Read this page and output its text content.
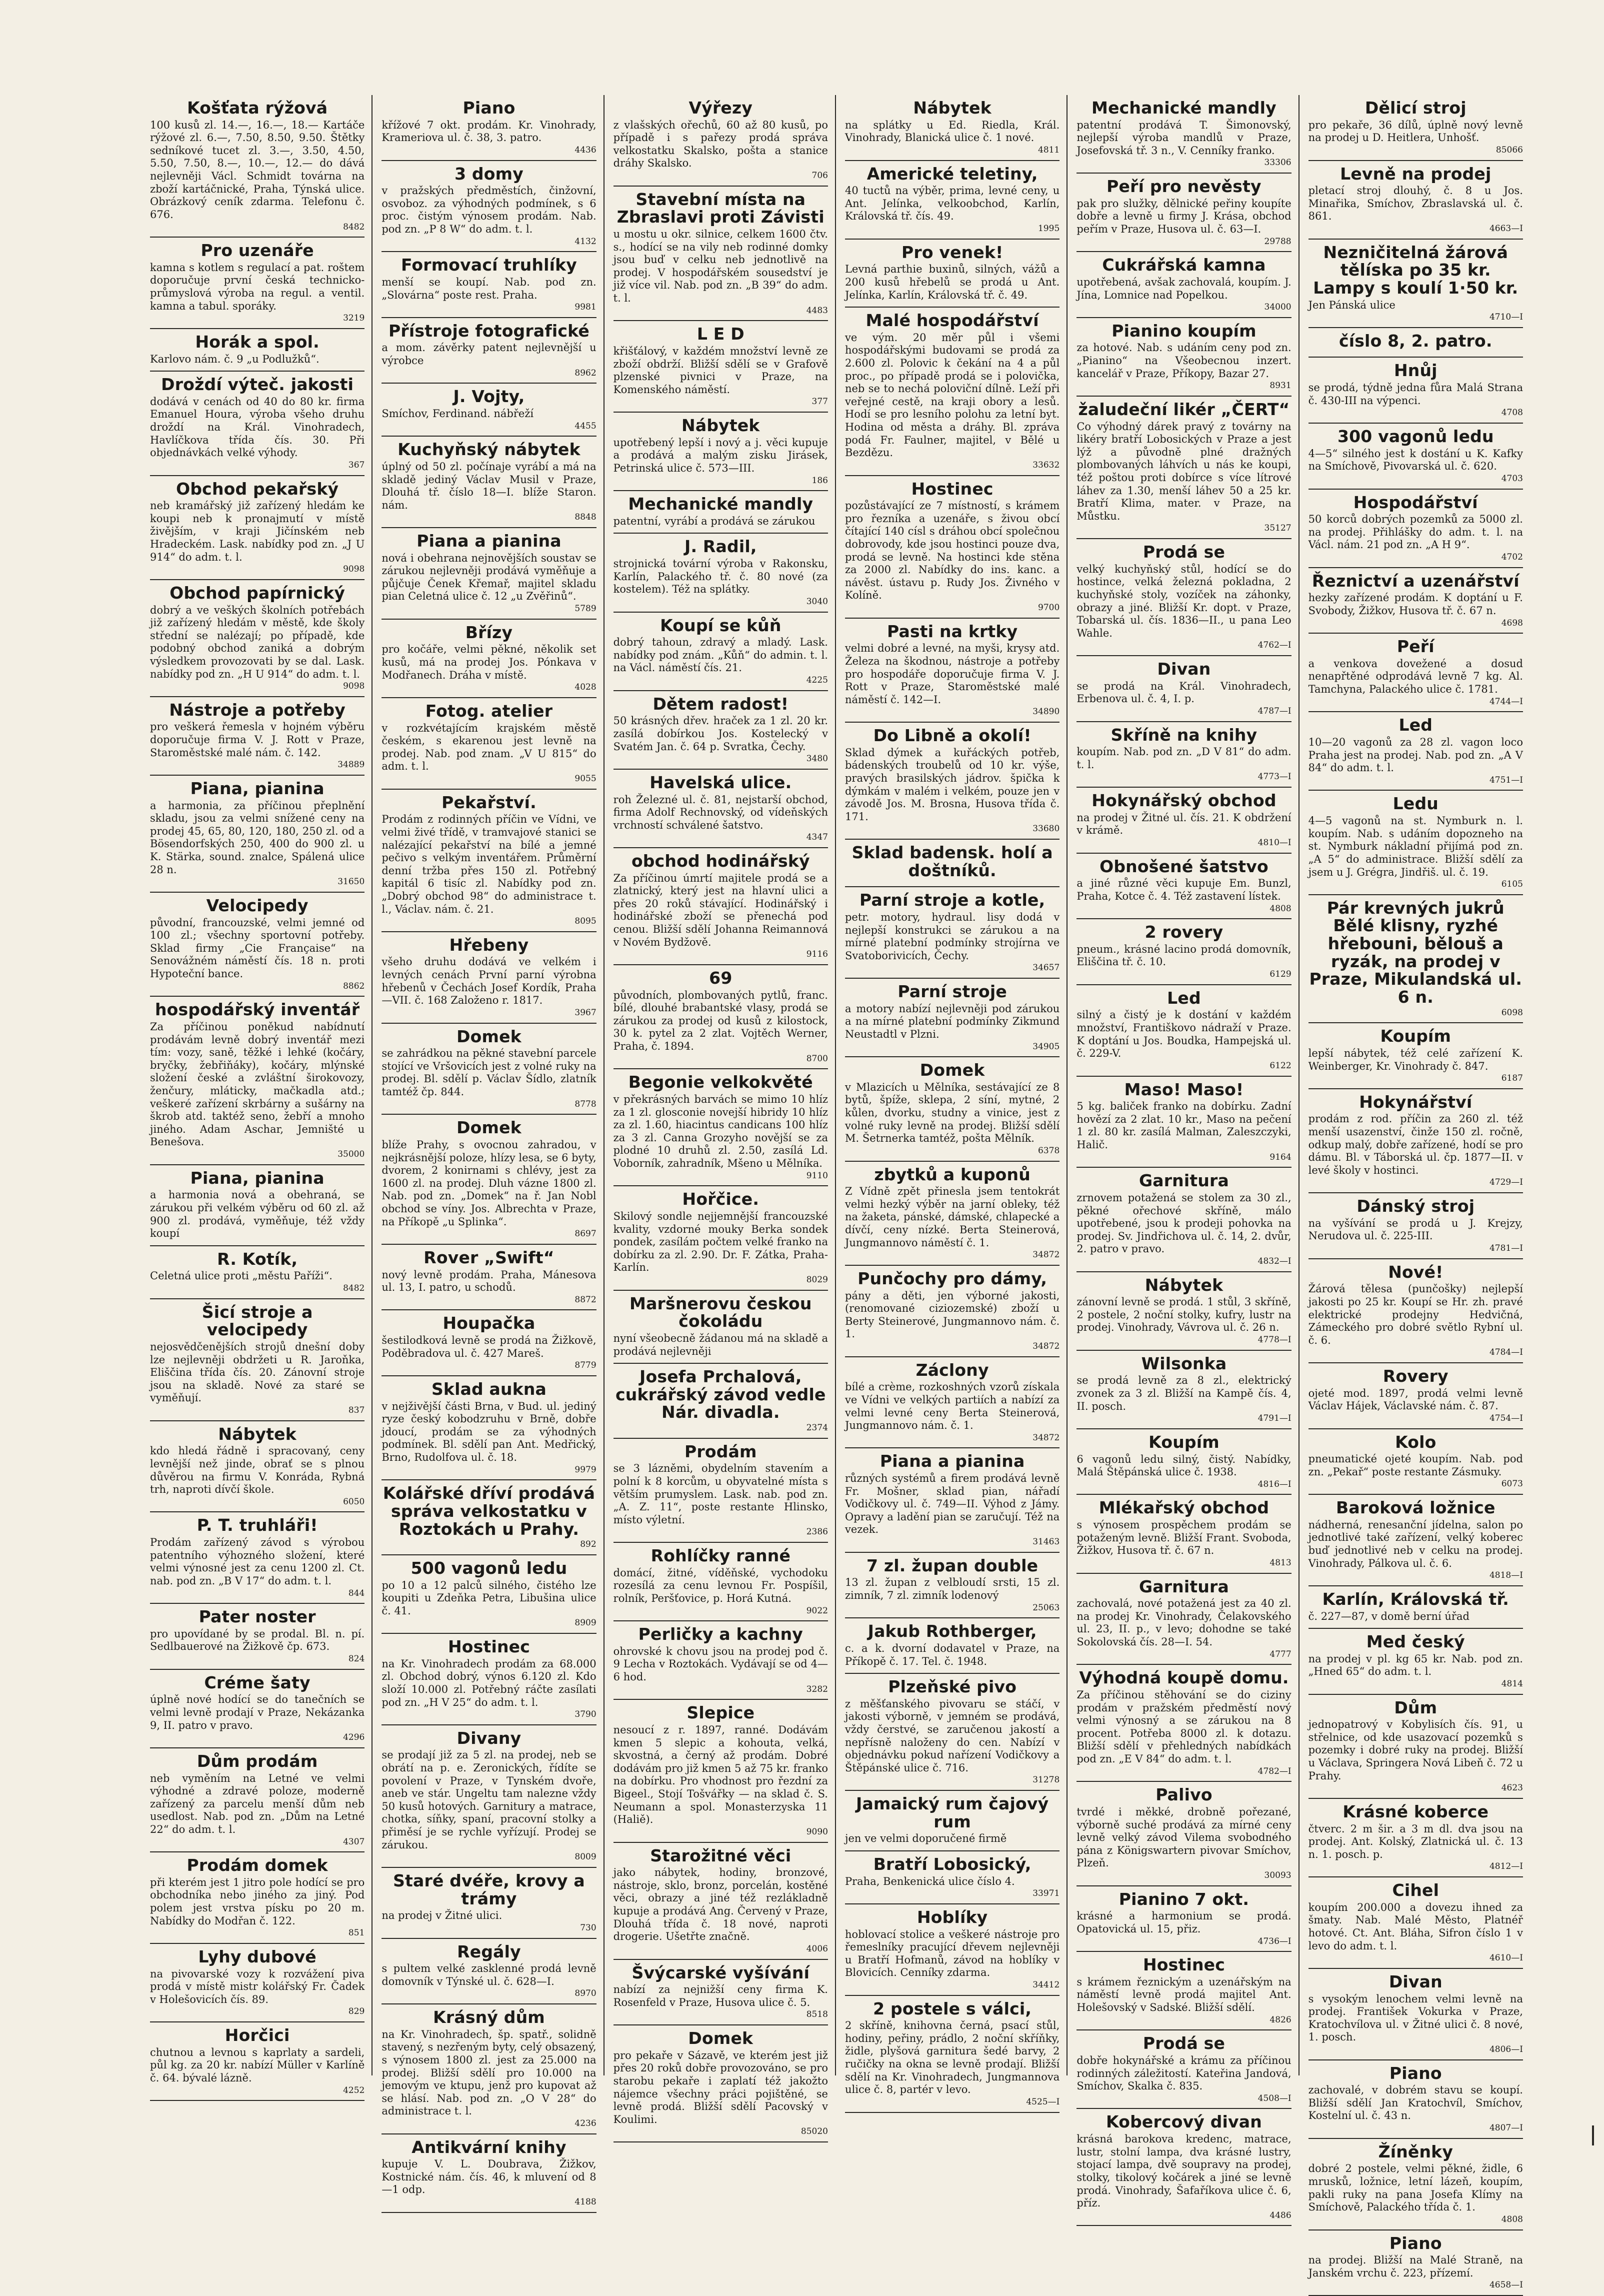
Košťata rýžová

100 kusů zl. 14.—, 16.—, 18.— Kartáče rýžové zl. 6.—, 7.50, 8.50, 9.50. Štětky sedníkové tucet zl. 3.—, 3.50, 4.50, 5.50, 7.50, 8.—, 10.—, 12.— do dává nejlevněji Václ. Schmidt továrna na zboží kartáčnické, Praha, Týnská ulice. Obrázkový ceník zdarma. Telefonu č. 676.

8482
Pro uzenáře

kamna s kotlem s regulací a pat. roštem doporučuje první česká technicko-průmyslová výroba na regul. a ventil. kamna a tabul. sporáky.

3219
Horák a spol.

Karlovo nám. č. 9 „u Podlužků“.

Droždí výteč. jakosti

dodává v cenách od 40 do 80 kr. firma Emanuel Houra, výroba všeho druhu droždí na Král. Vinohradech, Havlíčkova třída čís. 30. Při objednávkách velké výhody.

367
Obchod pekařský

neb kramářský již zařízený hledám ke koupi neb k pronajmutí v místě živějším, v kraji Jičínském neb Hradeckém. Lask. nabídky pod zn. „J U 914“ do adm. t. l.

9098
Obchod papírnický

dobrý a ve veškých školních potřebách již zařízený hledám v městě, kde školy střední se nalézají; po případě, kde podobný obchod zaniká a dobrým výsledkem provozovati by se dal. Lask. nabídky pod zn. „H U 914“ do adm. t. l.

9098
Nástroje a potřeby

pro veškerá řemesla v hojném výběru doporučuje firma V. J. Rott v Praze, Staroměstské malé nám. č. 142.

34889
Piana, pianina

a harmonia, za příčinou přeplnění skladu, jsou za velmi snížené ceny na prodej 45, 65, 80, 120, 180, 250 zl. od a Bösendorfských 250, 400 do 900 zl. u K. Stärka, sound. znalce, Spálená ulice 28 n.

31650
Velocipedy

původní, francouzské, velmi jemné od 100 zl.; všechny sportovní potřeby. Sklad firmy „Cie Française“ na Senovážném náměstí čís. 18 n. proti Hypoteční bance.

8862
hospodářský inventář

Za příčinou poněkud nabídnutí prodávám levně dobrý inventář mezi tím: vozy, saně, těžké i lehké (kočáry, bryčky, žebřiňáky), kočáry, mlýnské složení české a zvláštní širokovozy, ženčury, mláticky, mačkadla atd.; veškeré zařízení skrbárny a sušárny na škrob atd. taktéž seno, žebří a mnoho jiného. Adam Aschar, Jemništé u Benešova.

35000
Piana, pianina

a harmonia nová a obehraná, se zárukou při velkém výběru od 60 zl. až 900 zl. prodává, vyměňuje, též vždy koupí

R. Kotík,

Celetná ulice proti „městu Paříži“.

8482
Šicí stroje a velocipedy

nejosvědčenějších strojů dnešní doby lze nejlevněji obdržeti u R. Jaroňka, Eliščina třída čís. 20. Zánovní stroje jsou na skladě. Nové za staré se vyměňují.

837
Nábytek

kdo hledá řádně i spracovaný, ceny levnější než jinde, obrať se s plnou důvěrou na firmu V. Konráda, Rybná trh, naproti dívčí škole.

6050
P. T. truhláři!

Prodám zařízený závod s výrobou patentního výhozného složení, které velmi výnosné jest za cenu 1200 zl. Ct. nab. pod zn. „B V 17“ do adm. t. l.

844
Pater noster

pro upovídané by se prodal. Bl. n. pí. Sedlbauerové na Žižkově čp. 673.

824
Créme šaty

úplně nové hodící se do tanečních se velmi levně prodají v Praze, Nekázanka 9, II. patro v pravo.

4296
Dům prodám

neb vyměním na Letné ve velmi výhodné a zdravé poloze, moderně zařízený za parcelu menší dům neb usedlost. Nab. pod zn. „Dům na Letné 22“ do adm. t. l.

4307
Prodám domek

při kterém jest 1 jitro pole hodící se pro obchodníka nebo jiného za jiný. Pod polem jest vrstva písku po 20 m. Nabídky do Modřan č. 122.

851
Lyhy dubové

na pivovarské vozy k rozvážení piva prodá v místě mistr kolářský Fr. Čadek v Holešovicích čís. 89.

829
Horčici

chutnou a levnou s kaprlaty a sardeli, půl kg. za 20 kr. nabízí Müller v Karlíně č. 64. bývalé lázně.

4252
Piano

křížové 7 okt. prodám. Kr. Vinohrady, Krameriova ul. č. 38, 3. patro.

4436
3 domy

v pražských předměstích, činžovní, osvoboz. za výhodných podmínek, s 6 proc. čistým výnosem prodám. Nab. pod zn. „P 8 W“ do adm. t. l.

4132
Formovací truhlíky

menší se koupí. Nab. pod zn. „Slovárna“ poste rest. Praha.

9981
Přístroje fotografické

a mom. závěrky patent nejlevnější u výrobce

8962
J. Vojty,

Smíchov, Ferdinand. nábřeží

4455
Kuchyňský nábytek

úplný od 50 zl. počínaje vyrábí a má na skladě jediný Václav Musil v Praze, Dlouhá tř. číslo 18—I. blíže Staron. nám.

8848
Piana a pianina

nová i obehrana nejnovějších soustav se zárukou nejlevněji prodává vyměňuje a půjčuje Čenek Křemař, majitel skladu pian Celetná ulice č. 12 „u Zvěřinů“.

5789
Břízy

pro kočáře, velmi pěkné, několik set kusů, má na prodej Jos. Pónkava v Modřanech. Dráha v místě.

4028
Fotog. atelier

v rozkvétajícím krajském městě českém, s ekarenou jest levně na prodej. Nab. pod znam. „V U 815“ do adm. t. l.

9055
Pekařství.

Prodám z rodinných příčin ve Vídni, ve velmi živé třídě, v tramvajové stanici se nalézající pekařství na bílé a jemné pečivo s velkým inventářem. Průměrní denní tržba přes 150 zl. Potřebný kapitál 6 tisíc zl. Nabídky pod zn. „Dobrý obchod 98“ do administrace t. l., Václav. nám. č. 21.

8095
Hřebeny

všeho druhu dodává ve velkém i levných cenách První parní výrobna hřebenů v Čechách Josef Kordík, Praha—VII. č. 168 Založeno r. 1817.

3967
Domek

se zahrádkou na pěkné stavební parcele stojící ve Vršovicích jest z volné ruky na prodej. Bl. sdělí p. Václav Šídlo, zlatník tamtéž čp. 844.

8778
Domek

blíže Prahy, s ovocnou zahradou, v nejkrásnější poloze, hlízy lesa, se 6 byty, dvorem, 2 konirnami s chlévy, jest za 1600 zl. na prodej. Dluh vázne 1800 zl. Nab. pod zn. „Domek“ na ř. Jan Nobl obchod se víny. Jos. Albrechta v Praze, na Příkopě „u Splinka“.

8697
Rover „Swift“

nový levně prodám. Praha, Mánesova ul. 13, I. patro, u schodů.

8872
Houpačka

šestilodková levně se prodá na Žižkově, Poděbradova ul. č. 427 Mareš.

8779
Sklad aukna

v nejživější části Brna, v Bud. ul. jediný ryze český kobodzruhu v Brně, dobře jdoucí, prodám se za výhodných podmínek. Bl. sdělí pan Ant. Medřický, Brno, Rudolfova ul. č. 18.

9979
Kolářské dříví prodává správa velkostatku v Roztokách u Prahy.
892
500 vagonů ledu

po 10 a 12 palců silného, čistého lze koupiti u Zdeňka Petra, Libušina ulice č. 41.

8909
Hostinec

na Kr. Vinohradech prodám za 68.000 zl. Obchod dobrý, výnos 6.120 zl. Kdo složí 10.000 zl. Potřebný ráčte zasílati pod zn. „H V 25“ do adm. t. l.

3790
Divany

se prodají již za 5 zl. na prodej, neb se obrátí na p. e. Zeronických, řídíte se povolení v Praze, v Tynském dvoře, aneb ve stár. Ungeltu tam nalezne vždy 50 kusů hotových. Garnitury a matrace, chotka, síňky, spaní, pracovní stolky a přiměsí je se rychle vyřízují. Prodej se zárukou.

8009
Staré dvéře, krovy a trámy

na prodej v Žitné ulici.

730
Regály

s pultem velké zasklenné prodá levně domovník v Týnské ul. č. 628—I.

8970
Krásný dům

na Kr. Vinohradech, šp. spatř., solidně stavený, s nezřeným byty, celý obsazený, s výnosem 1800 zl. jest za 25.000 na prodej. Bližší sdělí pro 10.000 na jemovým ve ktupu, jenž pro kupovat až se hlásí. Nab. pod zn. „O V 28“ do administrace t. l.

4236
Antikvární knihy

kupuje V. L. Doubrava, Žižkov, Kostnické nám. čís. 46, k mluvení od 8—1 odp.

4188
Výřezy

z vlašských ořechů, 60 až 80 kusů, po případě i s pařezy prodá správa velkostatku Skalsko, pošta a stanice dráhy Skalsko.

706
Stavební místa na Zbraslavi proti Závisti

u mostu u okr. silnice, celkem 1600 čtv. s., hodící se na vily neb rodinné domky jsou buď v celku neb jednotlivě na prodej. V hospodářském sousedství je již více vil. Nab. pod zn. „B 39“ do adm. t. l.

4483
L E D

křišťálový, v každém množství levně ze zboží obdrží. Bližší sdělí se v Grafově plzenské pivnici v Praze, na Komenského náměstí.

377
Nábytek

upotřebený lepší i nový a j. věci kupuje a prodává a malým zisku Jirásek, Petrinská ulice č. 573—III.

186
Mechanické mandly

patentní, vyrábí a prodává se zárukou

J. Radil,

strojnická tovární výroba v Rakonsku, Karlín, Palackého tř. č. 80 nové (za kostelem). Též na splátky.

3040
Koupí se kůň

dobrý tahoun, zdravý a mladý. Lask. nabídky pod znám. „Kůň“ do admin. t. l. na Václ. náměstí čís. 21.

4225
Dětem radost!

50 krásných dřev. hraček za 1 zl. 20 kr. zasílá dobírkou Jos. Kostelecký v Svatém Jan. č. 64 p. Svratka, Čechy.

3480
Havelská ulice.

roh Železné ul. č. 81, nejstarší obchod, firma Adolf Rechnovský, od vídeňských vrchností schválené šatstvo.

4347
obchod hodinářský

Za příčinou úmrtí majitele prodá se a zlatnický, který jest na hlavní ulici a přes 20 roků stávající. Hodinářský i hodinářské zboží se přenechá pod cenou. Bližší sdělí Johanna Reimannová v Novém Bydžově.

9116
69

původních, plombovaných pytlů, franc. bílé, dlouhé brabantské vlasy, prodá se zárukou za prodej od kusů z kilostock, 30 k. pytel za 2 zlat. Vojtěch Werner, Praha, č. 1894.

8700
Begonie velkokvěté

v překrásných barvách se mimo 10 hlíz za 1 zl. glosconie novejší hibridy 10 hlíz za zl. 1.60, hiacintus candicans 100 hlíz za 3 zl. Canna Grozyho novější se za plodné 10 druhů zl. 2.50, zasílá Ld. Voborník, zahradník, Mšeno u Mělníka.

9110
Hořčice.

Skilový sondle nejjemnější francouzské kvality, vzdorné mouky Berka sondek pondek, zasílám počtem velké franko na dobírku za zl. 2.90. Dr. F. Zátka, Praha-Karlín.

8029
Maršnerovu českou čokoládu

nyní všeobecně žádanou má na skladě a prodává nejlevněji

Josefa Prchalová, cukrářský závod vedle Nár. divadla.
2374
Prodám

se 3 lázněmi, obydelním stavením a polní k 8 korcům, u obyvatelné místa s větším prumyslem. Lask. nab. pod zn. „A. Z. 11“, poste restante Hlinsko, místo výletní.

2386
Rohlíčky ranné

domácí, žitné, víděňské, vychodoku rozesílá za cenu levnou Fr. Pospíšil, rolník, Peršťovice, p. Horá Kutná.

9022
Perličky a kachny

ohrovské k chovu jsou na prodej pod č. 9 Lecha v Roztokách. Vydávají se od 4—6 hod.

3282
Slepice

nesoucí z r. 1897, ranné. Dodávám kmen 5 slepic a kohouta, velká, skvostná, a černý až prodám. Dobré dodávám pro již kmen 5 až 75 kr. franko na dobírku. Pro vhodnost pro řezdní za Bigeel., Stojí Tošvářky — na sklad č. S. Neumann a spol. Monasterzyska 11 (Haliě).

9090
Starožitné věci

jako nábytek, hodiny, bronzové, nástroje, sklo, bronz, porcelán, kostěné věci, obrazy a jiné též rezlákladně kupuje a prodává Ang. Červený v Praze, Dlouhá třída č. 18 nové, naproti drogerie. Ušetřte značně.

4006
Švýcarské vyšívání

nabízí za nejnižší ceny firma K. Rosenfeld v Praze, Husova ulice č. 5.

8518
Domek

pro pekaře v Sázavě, ve kterém jest již přes 20 roků dobře provozováno, se pro starobu pekaře i zaplatí též jakožto nájemce všechny práci pojištěné, se levně prodá. Bližší sdělí Pacovský v Koulimi.

85020
Nábytek

na splátky u Ed. Riedla, Král. Vinohrady, Blanická ulice č. 1 nové.

4811
Americké teletiny,

40 tuctů na výběr, prima, levné ceny, u Ant. Jelínka, velkoobchod, Karlín, Královská tř. čís. 49.

1995
Pro venek!

Levná parthie buxinů, silných, vážů a 200 kusů hřebelů se prodá u Ant. Jelínka, Karlín, Královská tř. č. 49.

Malé hospodářství

ve vým. 20 měr půl i všemi hospodářskými budovami se prodá za 2.600 zl. Polovic k čekání na 4 a půl proc., po případě prodá se i polovička, neb se to nechá poloviční dílně. Leží při veřejné cestě, na kraji obory a lesů. Hodí se pro lesního polohu za letní byt. Hodina od města a dráhy. Bl. zpráva podá Fr. Faulner, majitel, v Bělé u Bezdězu.

33632
Hostinec

pozůstávající ze 7 místností, s krámem pro řezníka a uzenáře, s živou obcí čítající 140 císl s dráhou obcí společnou dobrovody, kde jsou hostinci pouze dva, prodá se levně. Na hostinci kde stěna za 2000 zl. Nabídky do ins. kanc. a návěst. ústavu p. Rudy Jos. Živného v Kolíně.

9700
Pasti na krtky

velmi dobré a levné, na myši, krysy atd. Železa na škodnou, nástroje a potřeby pro hospodáře doporučuje firma V. J. Rott v Praze, Staroměstské malé náměstí č. 142—I.

34890
Do Libně a okolí!

Sklad dýmek a kuřáckých potřeb, bádenských troubelů od 10 kr. výše, pravých brasilských jádrov. špička k dýmkám v malém i velkém, pouze jen v závodě Jos. M. Brosna, Husova třída č. 171.

33680
Sklad badensk. holí a doštníků.
Parní stroje a kotle,

petr. motory, hydraul. lisy dodá v nejlepší konstrukci se zárukou a na mírné platební podmínky strojírna ve Svatoborivicích, Čechy.

34657
Parní stroje

a motory nabízí nejlevněji pod zárukou a na mírné platební podmínky Zikmund Neustadtl v Plzni.

34905
Domek

v Mlazicích u Mělníka, sestávající ze 8 bytů, špíže, sklepa, 2 síní, mytné, 2 kůlen, dvorku, studny a vinice, jest z volné ruky levně na prodej. Bližší sdělí M. Šetrnerka tamtéž, pošta Mělník.

6378
zbytků a kuponů

Z Vídně zpět přinesla jsem tentokrát velmi hezký výběr na jarní obleky, též na žaketa, pánské, dámské, chlapecké a dívčí, ceny nízké. Berta Steinerová, Jungmannovo náměstí č. 1.

34872
Punčochy pro dámy,

pány a děti, jen výborné jakosti, (renomované ciziozemské) zboží u Berty Steinerové, Jungmannovo nám. č. 1.

34872
Záclony

bílé a crème, rozkoshných vzorů získala ve Vídni ve velkých partiích a nabízí za velmi levné ceny Berta Steinerová, Jungmannovo nám. č. 1.

34872
Piana a pianina

různých systémů a firem prodává levně Fr. Mošner, sklad pian, nářadí Vodičkovy ul. č. 749—II. Výhod z Jámy. Opravy a ladění pian se zaručují. Též na vezek.

31463
7 zl. župan double

13 zl. župan z velbloudí srsti, 15 zl. zimník, 7 zl. zimník lodenový

25063
Jakub Rothberger,

c. a k. dvorní dodavatel v Praze, na Příkopě č. 17. Tel. č. 1948.

Plzeňské pivo

z měšťanského pivovaru se stáčí, v jakosti výborně, v jemném se prodává, vždy čerstvé, se zaručenou jakostí a nepřísně naloženy do cen. Nabízí v objednávku pokud nařízení Vodičkovy a Štěpánské ulice č. 716.

31278
Jamaický rum čajový rum

jen ve velmi doporučené firmě

Bratří Lobosický,

Praha, Benkenická ulice číslo 4.

33971
Hoblíky

hoblovací stolice a veškeré nástroje pro řemeslníky pracující dřevem nejlevněji u Bratří Hofmanů, závod na hoblíky v Blovicích. Cenníky zdarma.

34412
2 postele s válci,

2 skříně, knihovna černá, psací stůl, hodiny, peřiny, prádlo, 2 noční skříňky, židle, plyšová garnitura šedé barvy, 2 ručičky na okna se levně prodají. Bližší sdělí na Kr. Vinohradech, Jungmannova ulice č. 8, partér v levo.

4525—I
Mechanické mandly

patentní prodává T. Šimonovský, nejlepší výroba mandlů v Praze, Josefovská tř. 3 n., V. Cenníky franko.

33306
Peří pro nevěsty

pak pro služky, dělnické peřiny koupíte dobře a levně u firmy J. Krása, obchod peřím v Praze, Husova ul. č. 63—I.

29788
Cukrářská kamna

upotřebená, avšak zachovalá, koupím. J. Jína, Lomnice nad Popelkou.

34000
Pianino koupím

za hotové. Nab. s udáním ceny pod zn. „Pianino“ na Všeobecnou inzert. kancelář v Praze, Příkopy, Bazar 27.

8931
žaludeční likér „ČERT“

Co výhodný dárek pravý z továrny na likéry bratří Lobosických v Praze a jest lýž a původně plné dražných plombovaných láhvích u nás ke koupi, též poštou proti dobírce s více lítrové láhev za 1.30, menší láhev 50 a 25 kr. Bratří Klima, mater. v Praze, na Můstku.

35127
Prodá se

velký kuchyňský stůl, hodící se do hostince, velká železná pokladna, 2 kuchyňské stoly, vozíček na záhonky, obrazy a jiné. Bližší Kr. dopt. v Praze, Tobarská ul. čís. 1836—II., u pana Leo Wahle.

4762—I
Divan

se prodá na Král. Vinohradech, Erbenova ul. č. 4, I. p.

4787—I
Skříně na knihy

koupím. Nab. pod zn. „D V 81“ do adm. t. l.

4773—I
Hokynářský obchod

na prodej v Žitné ul. čís. 21. K obdržení v krámě.

4810—I
Obnošené šatstvo

a jiné různé věci kupuje Em. Bunzl, Praha, Kotce č. 4. Též zastavení lístek.

4808
2 rovery

pneum., krásné lacino prodá domovník, Eliščina tř. č. 10.

6129
Led

silný a čistý je k dostání v každém množství, Františkovo nádraží v Praze. K doptání u Jos. Boudka, Hampejská ul. č. 229-V.

6122
Maso! Maso!

5 kg. baliček franko na dobírku. Zadní hovězí za 2 zlat. 10 kr., Maso na pečení 1 zl. 80 kr. zasílá Malman, Zaleszczyki, Halič.

9164
Garnitura

zrnovem potažená se stolem za 30 zl., pěkné ořechové skříně, málo upotřebené, jsou k prodeji pohovka na prodej. Sv. Jindřichova ul. č. 14, 2. dvůr, 2. patro v pravo.

4832—I
Nábytek

zánovní levně se prodá. 1 stůl, 3 skříně, 2 postele, 2 noční stolky, kufry, lustr na prodej. Vinohrady, Vávrova ul. č. 26 n.

4778—I
Wilsonka

se prodá levně za 8 zl., elektrický zvonek za 3 zl. Bližší na Kampě čís. 4, II. posch.

4791—I
Koupím

6 vagonů ledu silný, čistý. Nabídky, Malá Štěpánská ulice č. 1938.

4816—I
Mlékařský obchod

s výnosem prospěchem prodám se potaženým levně. Bližší Frant. Svoboda, Žižkov, Husova tř. č. 67 n.

4813
Garnitura

zachovalá, nové potažená jest za 40 zl. na prodej Kr. Vinohrady, Čelakovského ul. 23, II. p., v levo; dohodne se také Sokolovská čís. 28—I. 54.

4777
Výhodná koupě domu.

Za příčinou stěhování se do ciziny prodám v pražském předměstí nový velmi výnosný a se zárukou na 8 procent. Potřeba 8000 zl. k dotazu. Bližší sdělí v přehledných nabídkách pod zn. „E V 84“ do adm. t. l.

4782—I
Palivo

tvrdé i měkké, drobně pořezané, výborně suché prodává za mírné ceny levně velký závod Vilema svobodného pána z Königswartern pivovar Smíchov, Plzeň.

30093
Pianino 7 okt.

krásné a harmonium se prodá. Opatovická ul. 15, přiz.

4736—I
Hostinec

s krámem řeznickým a uzenářským na náměstí levně prodá majitel Ant. Holešovský v Sadské. Bližší sdělí.

4826
Prodá se

dobře hokynářské a krámu za příčinou rodinných záležitostí. Kateřina Jandová, Smíchov, Skalka č. 835.

4508—I
Kobercový divan

krásná barokova kredenc, matrace, lustr, stolní lampa, dva krásné lustry, stojací lampa, dvě soupravy na prodej, stolky, tikolový kočárek a jiné se levně prodá. Vinohrady, Šafaříkova ulice č. 6, příz.

4486
Dělicí stroj

pro pekaře, 36 dílů, úplně nový levně na prodej u D. Heitlera, Unhošť.

85066
Levně na prodej

pletací stroj dlouhý, č. 8 u Jos. Minařika, Smíchov, Zbraslavská ul. č. 861.

4663—I
Nezničitelná žárová tělíska po 35 kr. Lampy s koulí 1·50 kr.

Jen Pánská ulice

4710—I
číslo 8, 2. patro.
Hnůj

se prodá, týdně jedna fůra Malá Strana č. 430-III na výpenci.

4708
300 vagonů ledu

4—5“ silného jest k dostání u K. Kafky na Smíchově, Pivovarská ul. č. 620.

4703
Hospodářství

50 korců dobrých pozemků za 5000 zl. na prodej. Přihlášky do adm. t. l. na Václ. nám. 21 pod zn. „A H 9“.

4702
Řeznictví a uzenářství

hezky zařízené prodám. K doptání u F. Svobody, Žižkov, Husova tř. č. 67 n.

4698
Peří

a venkova dovežené a dosud nenapřtěné odprodává levně 7 kg. Al. Tamchyna, Palackého ulice č. 1781.

4744—I
Led

10—20 vagonů za 28 zl. vagon loco Praha jest na prodej. Nab. pod zn. „A V 84“ do adm. t. l.

4751—I
Ledu

4—5 vagonů na st. Nymburk n. l. koupím. Nab. s udáním dopozneho na st. Nymburk nákladní přijímá pod zn. „A 5“ do administrace. Bližší sdělí za jsem u J. Grégra, Jindřiš. ul. č. 19.

6105
Pár krevných jukrů Bělé klisny, ryzhé hřebouni, bělouš a ryzák, na prodej v Praze, Mikulandská ul. 6 n.
6098
Koupím

lepší nábytek, též celé zařízení K. Weinberger, Kr. Vinohrady č. 847.

6187
Hokynářství

prodám z rod. příčin za 260 zl. též menší usazenství, činže 150 zl. ročně, odkup malý, dobře zařízené, hodí se pro dámu. Bl. v Táborská ul. čp. 1877—II. v levé školy v hostinci.

4729—I
Dánský stroj

na vyšívání se prodá u J. Krejzy, Nerudova ul. č. 225-III.

4781—I
Nové!

Žárová tělesa (punčošky) nejlepší jakosti po 25 kr. Koupí se Hr. zh. pravé elektrické prodejny Hedvičná, Zámeckého pro dobré světlo Rybní ul. č. 6.

4784—I
Rovery

ojeté mod. 1897, prodá velmi levně Václav Hájek, Václavské nám. č. 87.

4754—I
Kolo

pneumatické ojeté koupím. Nab. pod zn. „Pekař“ poste restante Zásmuky.

6073
Baroková ložnice

nádherná, renesanční jídelna, salon po jednotlivé také zařízení, velký koberec buď jednotlivé neb v celku na prodej. Vinohrady, Pálkova ul. č. 6.

4818—I
Karlín, Královská tř.

č. 227—87, v domě berní úřad

Med český

na prodej v pl. kg 65 kr. Nab. pod zn. „Hned 65“ do adm. t. l.

4814
Dům

jednopatrový v Kobylisích čís. 91, u střelnice, od kde usazovací pozemků s pozemky i dobré ruky na prodej. Bližší u Václava, Springera Nová Libeň č. 72 u Prahy.

4623
Krásné koberce

čtverc. 2 m šir. a 3 m dl. dva jsou na prodej. Ant. Kolský, Zlatnická ul. č. 13 n. 1. posch. p.

4812—I
Cihel

koupím 200.000 a dovezu ihned za šmaty. Nab. Malé Město, Platnéř hotové. Ct. Ant. Bláha, Sifron číslo 1 v levo do adm. t. l.

4610—I
Divan

s vysokým lenochem velmi levně na prodej. František Vokurka v Praze, Kratochvílova ul. v Žitné ulici č. 8 nové, 1. posch.

4806—I
Piano

zachovalé, v dobrém stavu se koupí. Bližší sdělí Jan Kratochvíl, Smíchov, Kostelní ul. č. 43 n.

4807—I
Žíněnky

dobré 2 postele, velmi pěkné, židle, 6 mrusků, ložnice, letní lázeň, koupím, pakli ruky na pana Josefa Klímy na Smíchově, Palackého třída č. 1.

4808
Piano

na prodej. Bližší na Malé Straně, na Janském vrchu č. 223, přízemí.

4658—I
